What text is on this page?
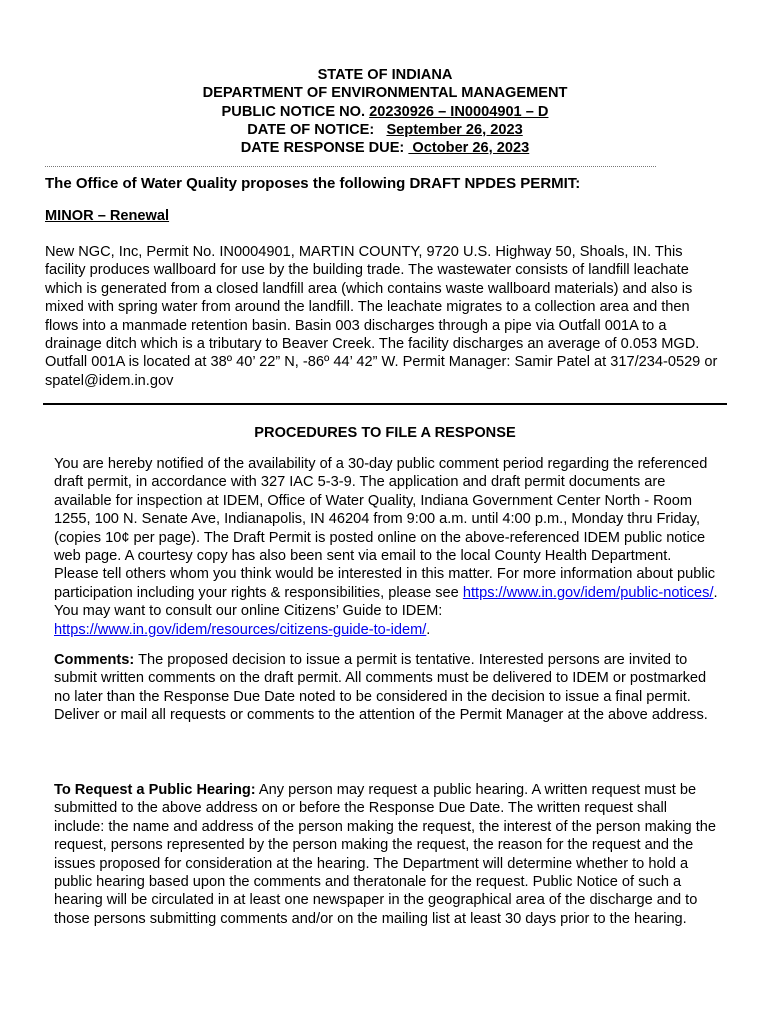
STATE OF INDIANA
DEPARTMENT OF ENVIRONMENTAL MANAGEMENT
PUBLIC NOTICE NO. 20230926 – IN0004901 – D
DATE OF NOTICE:   September 26, 2023
DATE RESPONSE DUE:  October 26, 2023
The Office of Water Quality proposes the following DRAFT NPDES PERMIT:
MINOR – Renewal
New NGC, Inc, Permit No. IN0004901, MARTIN COUNTY, 9720 U.S. Highway 50, Shoals, IN. This facility produces wallboard for use by the building trade. The wastewater consists of landfill leachate which is generated from a closed landfill area (which contains waste wallboard materials) and also is mixed with spring water from around the landfill. The leachate migrates to a collection area and then flows into a manmade retention basin. Basin 003 discharges through a pipe via Outfall 001A to a drainage ditch which is a tributary to Beaver Creek. The facility discharges an average of 0.053 MGD. Outfall 001A is located at 38º 40’ 22” N, -86º 44’ 42” W. Permit Manager: Samir Patel at 317/234-0529 or spatel@idem.in.gov
PROCEDURES TO FILE A RESPONSE
You are hereby notified of the availability of a 30-day public comment period regarding the referenced draft permit, in accordance with 327 IAC 5-3-9. The application and draft permit documents are available for inspection at IDEM, Office of Water Quality, Indiana Government Center North - Room 1255, 100 N. Senate Ave, Indianapolis, IN 46204 from 9:00 a.m. until 4:00 p.m., Monday thru Friday, (copies 10¢ per page). The Draft Permit is posted online on the above-referenced IDEM public notice web page. A courtesy copy has also been sent via email to the local County Health Department. Please tell others whom you think would be interested in this matter. For more information about public participation including your rights & responsibilities, please see https://www.in.gov/idem/public-notices/.  You may want to consult our online Citizens’ Guide to IDEM:  https://www.in.gov/idem/resources/citizens-guide-to-idem/.
Comments: The proposed decision to issue a permit is tentative. Interested persons are invited to submit written comments on the draft permit. All comments must be delivered to IDEM or postmarked no later than the Response Due Date noted to be considered in the decision to issue a final permit. Deliver or mail all requests or comments to the attention of the Permit Manager at the above address.
To Request a Public Hearing: Any person may request a public hearing. A written request must be submitted to the above address on or before the Response Due Date. The written request shall include: the name and address of the person making the request, the interest of the person making the request, persons represented by the person making the request, the reason for the request and the issues proposed for consideration at the hearing. The Department will determine whether to hold a public hearing based upon the comments and theratonale for the request. Public Notice of such a hearing will be circulated in at least one newspaper in the geographical area of the discharge and to those persons submitting comments and/or on the mailing list at least 30 days prior to the hearing.
